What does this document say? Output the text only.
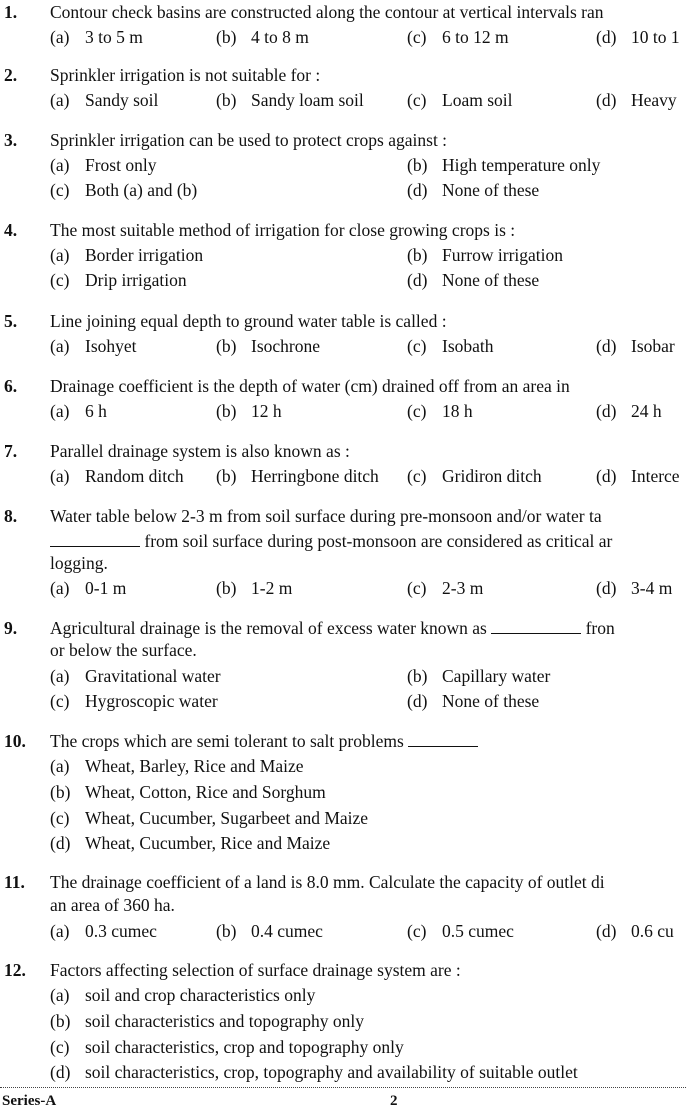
1. Contour check basins are constructed along the contour at vertical intervals ran
(a) 3 to 5 m	(b) 4 to 8 m	(c) 6 to 12 m	(d) 10 to 1
2. Sprinkler irrigation is not suitable for :
(a) Sandy soil	(b) Sandy loam soil (c) Loam soil	(d) Heavy
3. Sprinkler irrigation can be used to protect crops against :
(a) Frost only	(b) High temperature only
(c) Both (a) and (b)	(d) None of these
4. The most suitable method of irrigation for close growing crops is :
(a) Border irrigation	(b) Furrow irrigation
(c) Drip irrigation	(d) None of these
5. Line joining equal depth to ground water table is called :
(a) Isohyet	(b) Isochrone	(c) Isobath	(d) Isobar
6. Drainage coefficient is the depth of water (cm) drained off from an area in
(a) 6 h	(b) 12 h	(c) 18 h	(d) 24 h
7. Parallel drainage system is also known as :
(a) Random ditch (b) Herringbone ditch (c) Gridiron ditch	(d) Interce
8. Water table below 2-3 m from soil surface during pre-monsoon and/or water ta
from soil surface during post-monsoon are considered as critical ar
logging.
(a) 0-1 m	(b) 1-2 m	(c) 2-3 m	(d) 3-4 m
9. Agricultural drainage is the removal of excess water known as	fron
or below the surface.
(a) Gravitational water	(b) Capillary water
(c) Hygroscopic water	(d) None of these
10. The crops which are semi tolerant to salt problems
(a) Wheat, Barley, Rice and Maize
(b) Wheat, Cotton, Rice and Sorghum
(c) Wheat, Cucumber, Sugarbeet and Maize
(d) Wheat, Cucumber, Rice and Maize
11. The drainage coefficient of a land is 8.0 mm. Calculate the capacity of outlet di
an area of 360 ha.
(a) 0.3 cumec	(b) 0.4 cumec	(c) 0.5 cumec	(d) 0.6 cu
12. Factors affecting selection of surface drainage system are :
(a) soil and crop characteristics only
(b) soil characteristics and topography only
(c) soil characteristics, crop and topography only
(d) soil characteristics, crop, topography and availability of suitable outlet
Series-A	2
